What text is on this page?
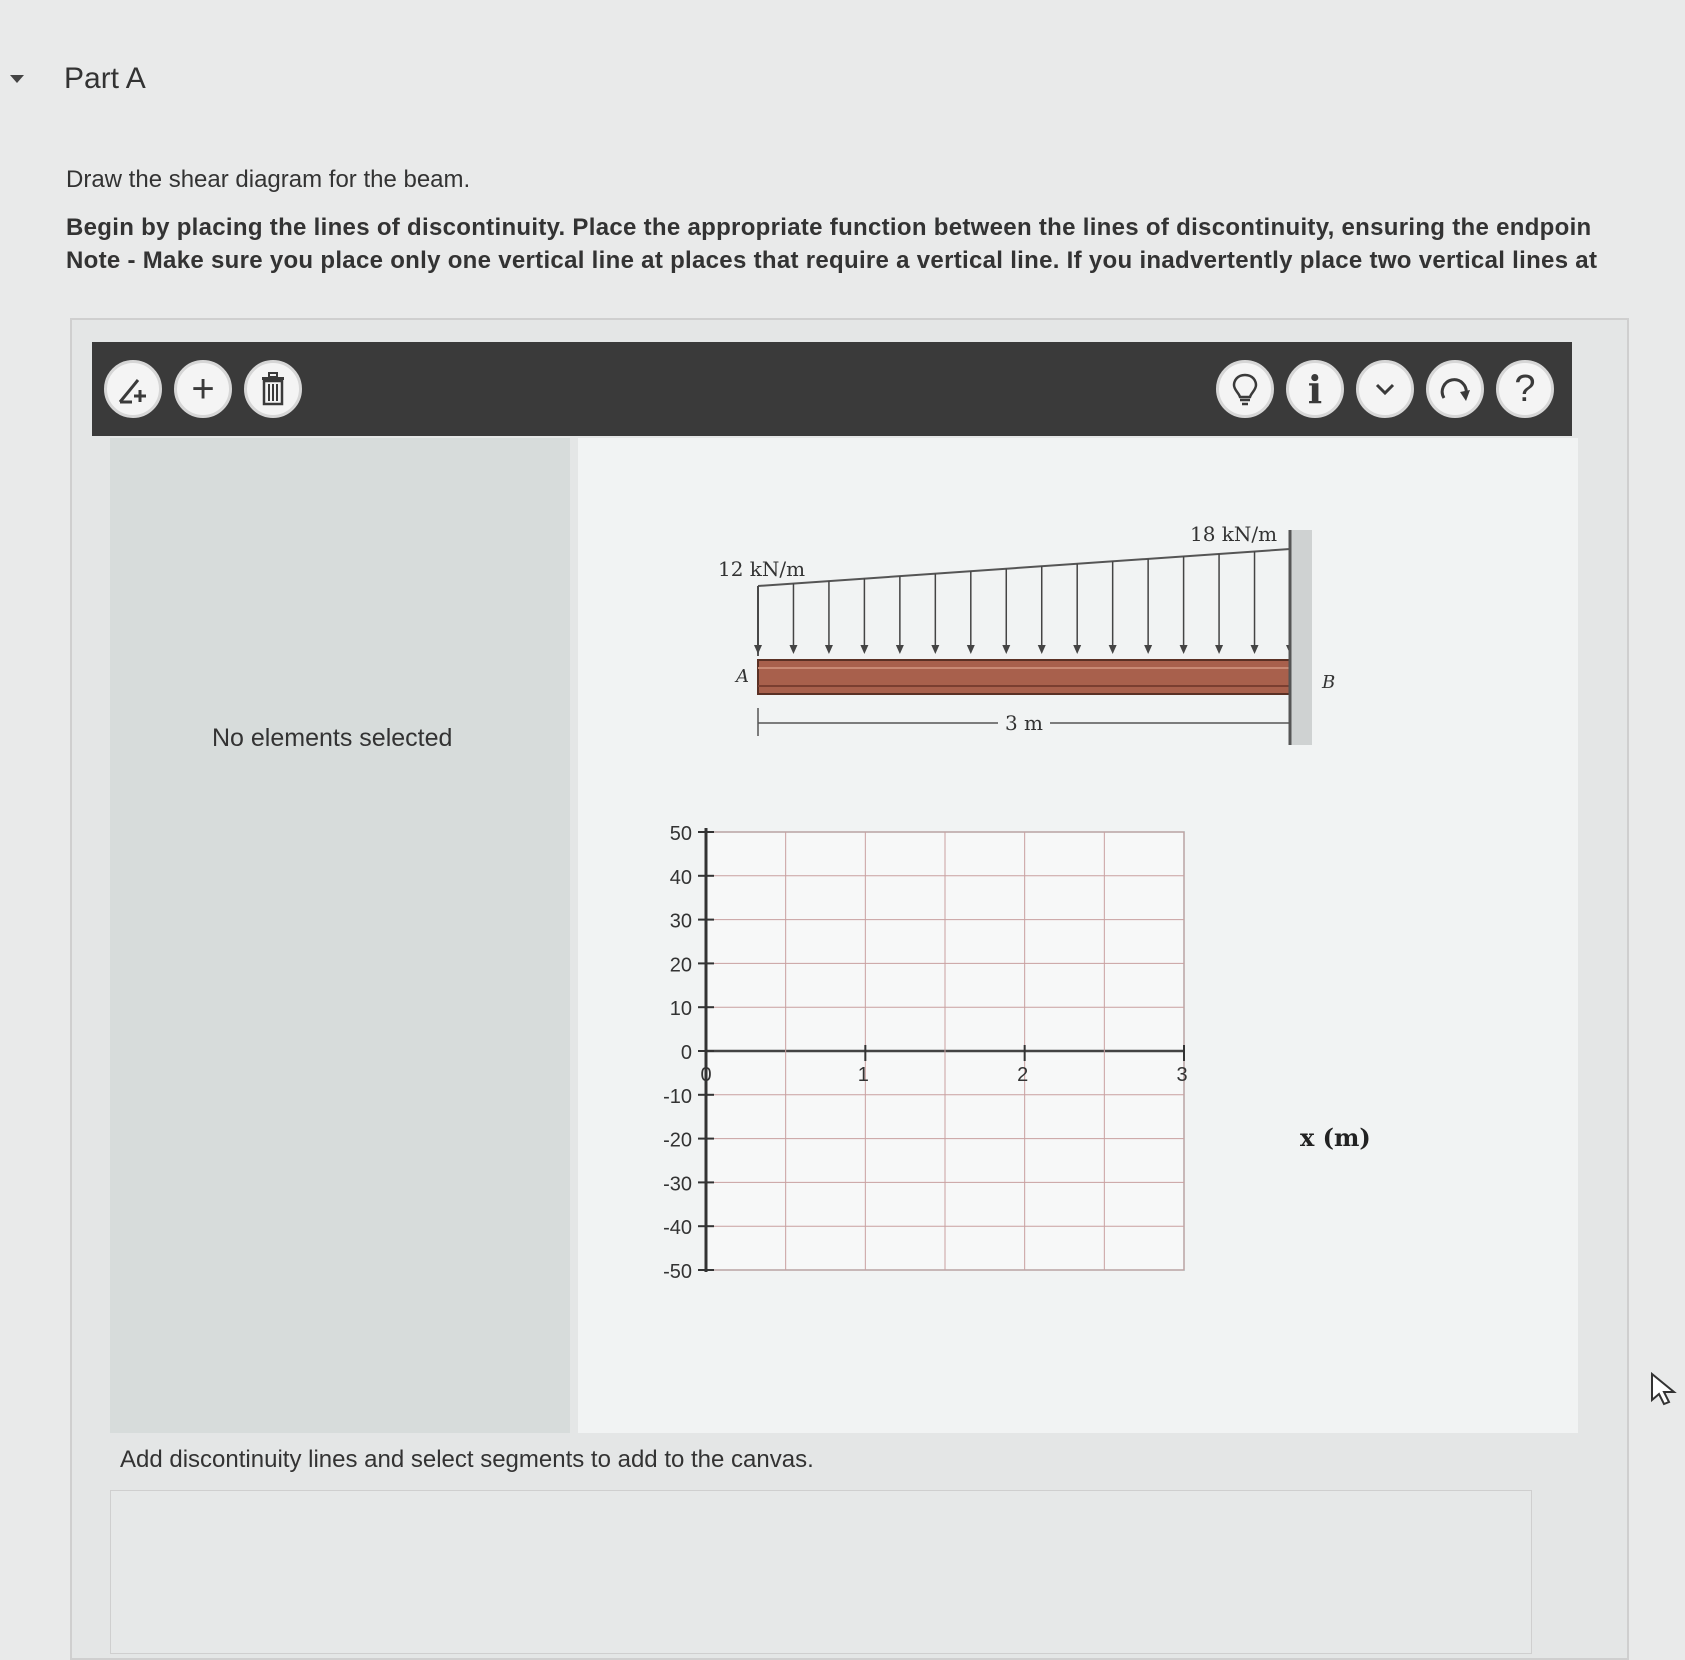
Part A
Draw the shear diagram for the beam.
Begin by placing the lines of discontinuity. Place the appropriate function between the lines of discontinuity, ensuring the endpoin
Note - Make sure you place only one vertical line at places that require a vertical line. If you inadvertently place two vertical lines at
+	i	?
No elements selected
12 kN/m
18 kN/m
A	B
3 m
x (m)
50
40
30
20
10
0
-10
-20
-30
-40
-50
0	1	2	3
Add discontinuity lines and select segments to add to the canvas.
